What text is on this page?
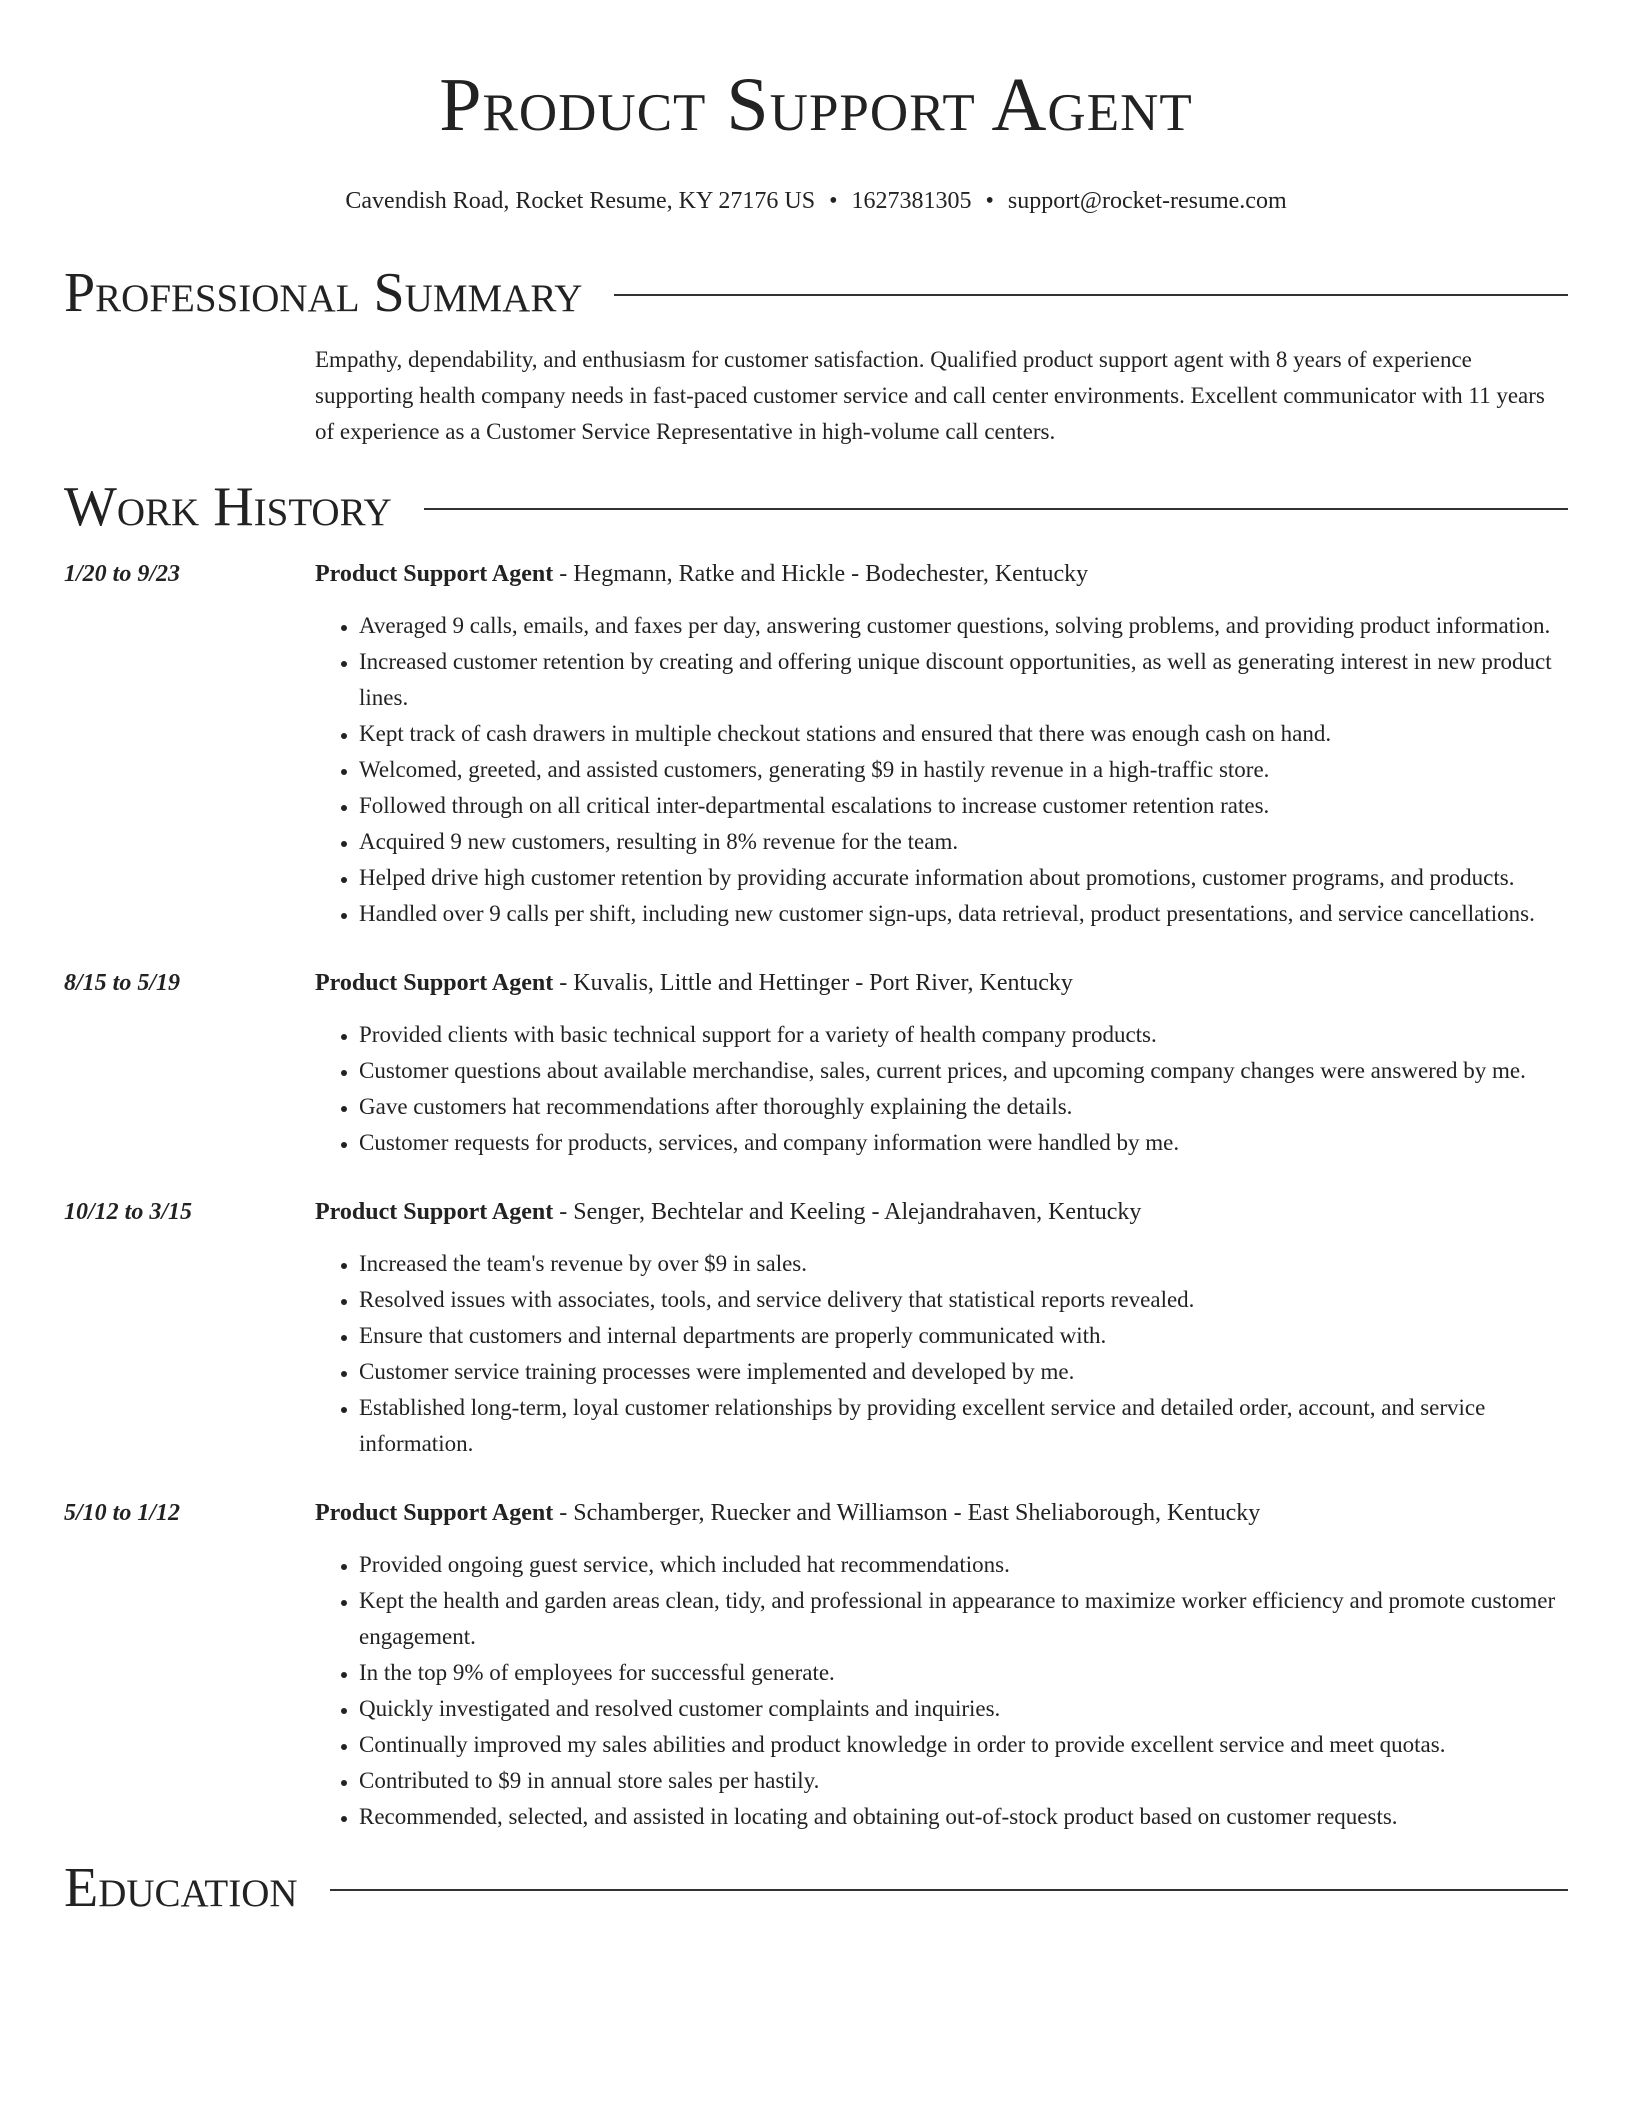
Product Support Agent
Cavendish Road, Rocket Resume, KY 27176 US • 1627381305 • support@rocket-resume.com
Professional Summary
Empathy, dependability, and enthusiasm for customer satisfaction. Qualified product support agent with 8 years of experience supporting health company needs in fast-paced customer service and call center environments. Excellent communicator with 11 years of experience as a Customer Service Representative in high-volume call centers.
Work History
1/20 to 9/23	Product Support Agent - Hegmann, Ratke and Hickle - Bodechester, Kentucky
• Averaged 9 calls, emails, and faxes per day, answering customer questions, solving problems, and providing product information.
• Increased customer retention by creating and offering unique discount opportunities, as well as generating interest in new product lines.
• Kept track of cash drawers in multiple checkout stations and ensured that there was enough cash on hand.
• Welcomed, greeted, and assisted customers, generating $9 in hastily revenue in a high-traffic store.
• Followed through on all critical inter-departmental escalations to increase customer retention rates.
• Acquired 9 new customers, resulting in 8% revenue for the team.
• Helped drive high customer retention by providing accurate information about promotions, customer programs, and products.
• Handled over 9 calls per shift, including new customer sign-ups, data retrieval, product presentations, and service cancellations.
8/15 to 5/19	Product Support Agent - Kuvalis, Little and Hettinger - Port River, Kentucky
• Provided clients with basic technical support for a variety of health company products.
• Customer questions about available merchandise, sales, current prices, and upcoming company changes were answered by me.
• Gave customers hat recommendations after thoroughly explaining the details.
• Customer requests for products, services, and company information were handled by me.
10/12 to 3/15	Product Support Agent - Senger, Bechtelar and Keeling - Alejandrahaven, Kentucky
• Increased the team's revenue by over $9 in sales.
• Resolved issues with associates, tools, and service delivery that statistical reports revealed.
• Ensure that customers and internal departments are properly communicated with.
• Customer service training processes were implemented and developed by me.
• Established long-term, loyal customer relationships by providing excellent service and detailed order, account, and service information.
5/10 to 1/12	Product Support Agent - Schamberger, Ruecker and Williamson - East Sheliaborough, Kentucky
• Provided ongoing guest service, which included hat recommendations.
• Kept the health and garden areas clean, tidy, and professional in appearance to maximize worker efficiency and promote customer engagement.
• In the top 9% of employees for successful generate.
• Quickly investigated and resolved customer complaints and inquiries.
• Continually improved my sales abilities and product knowledge in order to provide excellent service and meet quotas.
• Contributed to $9 in annual store sales per hastily.
• Recommended, selected, and assisted in locating and obtaining out-of-stock product based on customer requests.
Education
